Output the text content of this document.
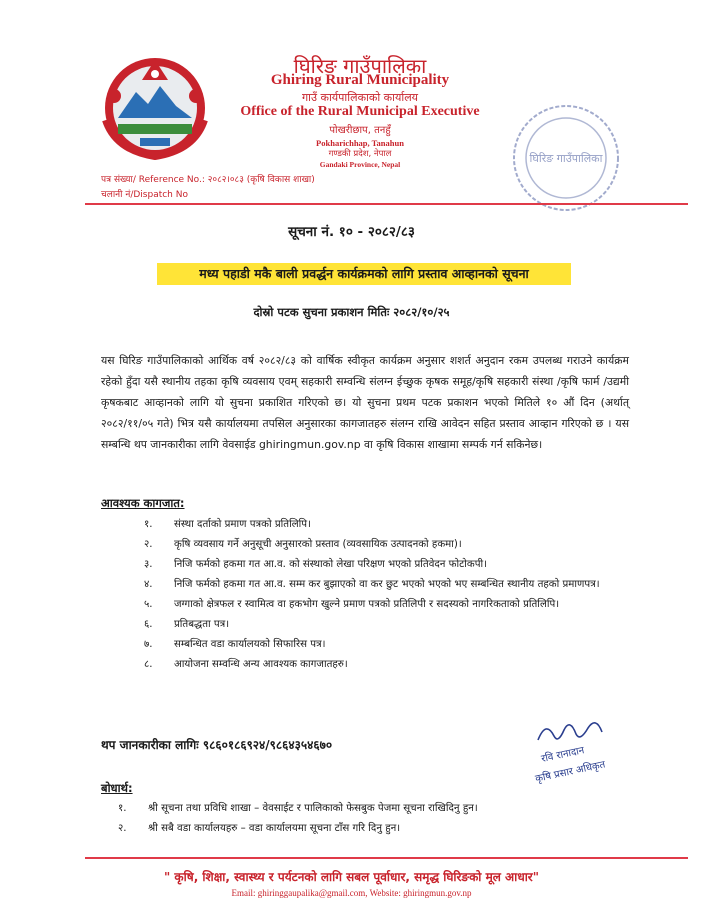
घिरिङ गाउँपालिका
Ghiring Rural Municipality
गाउँ कार्यपालिकाको कार्यालय
Office of the Rural Municipal Executive
पोखरीछाप, तनहुँ
Pokharichhap, Tanahun
गण्डकी प्रदेश, नेपाल
Gandaki Province, Nepal
पत्र संख्या/ Reference No.: २०८२।०८३ (कृषि विकास शाखा)
चलानी नं/Dispatch No
घिरिङ गाउँपालिका
सूचना नं. १० - २०८२/८३
मध्य पहाडी मकै बाली प्रवर्द्धन कार्यक्रमको लागि प्रस्ताव आव्हानको सूचना
दोस्रो पटक सुचना प्रकाशन मितिः २०८२/१०/२५
यस घिरिङ गाउँपालिकाको आर्थिक वर्ष २०८२/८३ को वार्षिक स्वीकृत कार्यक्रम अनुसार शशर्त अनुदान रकम उपलब्ध गराउने कार्यक्रम रहेको हुँदा यसै स्थानीय तहका कृषि व्यवसाय एवम् सहकारी सम्वन्धि संलग्न ईच्छुक कृषक समूह/कृषि सहकारी संस्था /कृषि फार्म /उद्यमी कृषकबाट आव्हानको लागि यो सुचना प्रकाशित गरिएको छ। यो सुचना प्रथम पटक प्रकाशन भएको मितिले १० औं दिन (अर्थात् २०८२/११/०५ गते) भित्र यसै कार्यालयमा तपसिल अनुसारका कागजातहरु संलग्न राखि आवेदन सहित प्रस्ताव आव्हान गरिएको छ । यस सम्बन्धि थप जानकारीका लागि वेवसाईड ghiringmun.gov.np वा कृषि विकास शाखामा सम्पर्क गर्न सकिनेछ।
आवश्यक कागजात:
१. संस्था दर्ताको प्रमाण पत्रको प्रतिलिपि।
२. कृषि व्यवसाय गर्ने अनुसूची अनुसारको प्रस्ताव (व्यवसायिक उत्पादनको हकमा)।
३. निजि फर्मको हकमा गत आ.व. को संस्थाको लेखा परिक्षण भएको प्रतिवेदन फोटोकपी।
४. निजि फर्मको हकमा गत आ.व. सम्म कर बुझाएको वा कर छुट भएको भएको भए सम्बन्धित स्थानीय तहको प्रमाणपत्र।
५. जग्गाको क्षेत्रफल र स्वामित्व वा हकभोग खुल्ने प्रमाण पत्रको प्रतिलिपी र सदस्यको नागरिकताको प्रतिलिपि।
६. प्रतिबद्धता पत्र।
७. सम्बन्धित वडा कार्यालयको सिफारिस पत्र।
८. आयोजना सम्वन्धि अन्य आवश्यक कागजातहरु।
थप जानकारीका लागिः ९८६०१८६९२४/९८६४३५४६७०
रवि रानादान
कृषि प्रसार अधिकृत
बोधार्थ:
१. श्री सूचना तथा प्रविधि शाखा – वेवसाईट र पालिकाको फेसबुक पेजमा सूचना राखिदिनु हुन।
२. श्री सबै वडा कार्यालयहरु – वडा कार्यालयमा सूचना टाँस गरि दिनु हुन।
" कृषि, शिक्षा, स्वास्थ्य र पर्यटनको लागि सबल पूर्वाधार, समृद्ध घिरिङको मूल आधार"
Email: ghiringgaupalika@gmail.com, Website: ghiringmun.gov.np
